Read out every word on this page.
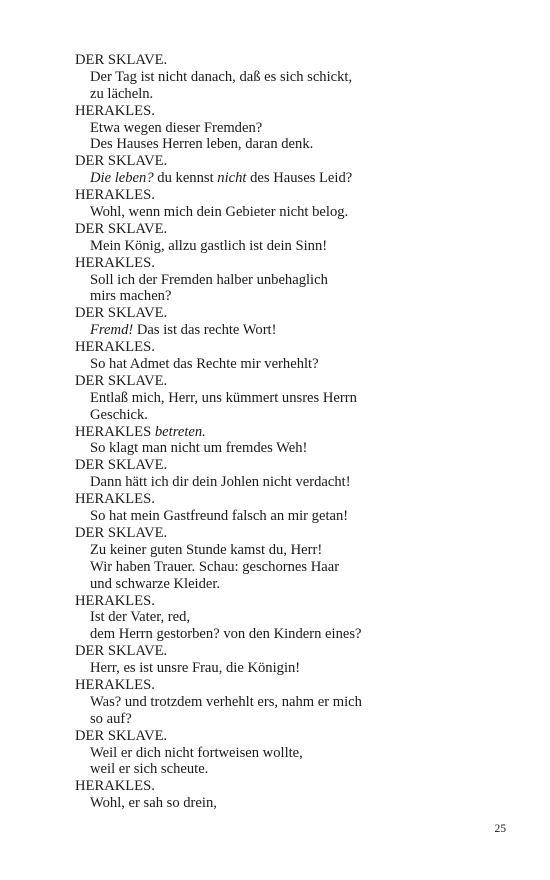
DER SKLAVE.
Der Tag ist nicht danach, daß es sich schickt,
zu lächeln.
HERAKLES.
Etwa wegen dieser Fremden?
Des Hauses Herren leben, daran denk.
DER SKLAVE.
Die leben? du kennst nicht des Hauses Leid?
HERAKLES.
Wohl, wenn mich dein Gebieter nicht belog.
DER SKLAVE.
Mein König, allzu gastlich ist dein Sinn!
HERAKLES.
Soll ich der Fremden halber unbehaglich
mirs machen?
DER SKLAVE.
Fremd! Das ist das rechte Wort!
HERAKLES.
So hat Admet das Rechte mir verhehlt?
DER SKLAVE.
Entlaß mich, Herr, uns kümmert unsres Herrn
Geschick.
HERAKLES betreten.
So klagt man nicht um fremdes Weh!
DER SKLAVE.
Dann hätt ich dir dein Johlen nicht verdacht!
HERAKLES.
So hat mein Gastfreund falsch an mir getan!
DER SKLAVE.
Zu keiner guten Stunde kamst du, Herr!
Wir haben Trauer. Schau: geschornes Haar
und schwarze Kleider.
HERAKLES.
Ist der Vater, red,
dem Herrn gestorben? von den Kindern eines?
DER SKLAVE.
Herr, es ist unsre Frau, die Königin!
HERAKLES.
Was? und trotzdem verhehlt ers, nahm er mich
so auf?
DER SKLAVE.
Weil er dich nicht fortweisen wollte,
weil er sich scheute.
HERAKLES.
Wohl, er sah so drein,
25
